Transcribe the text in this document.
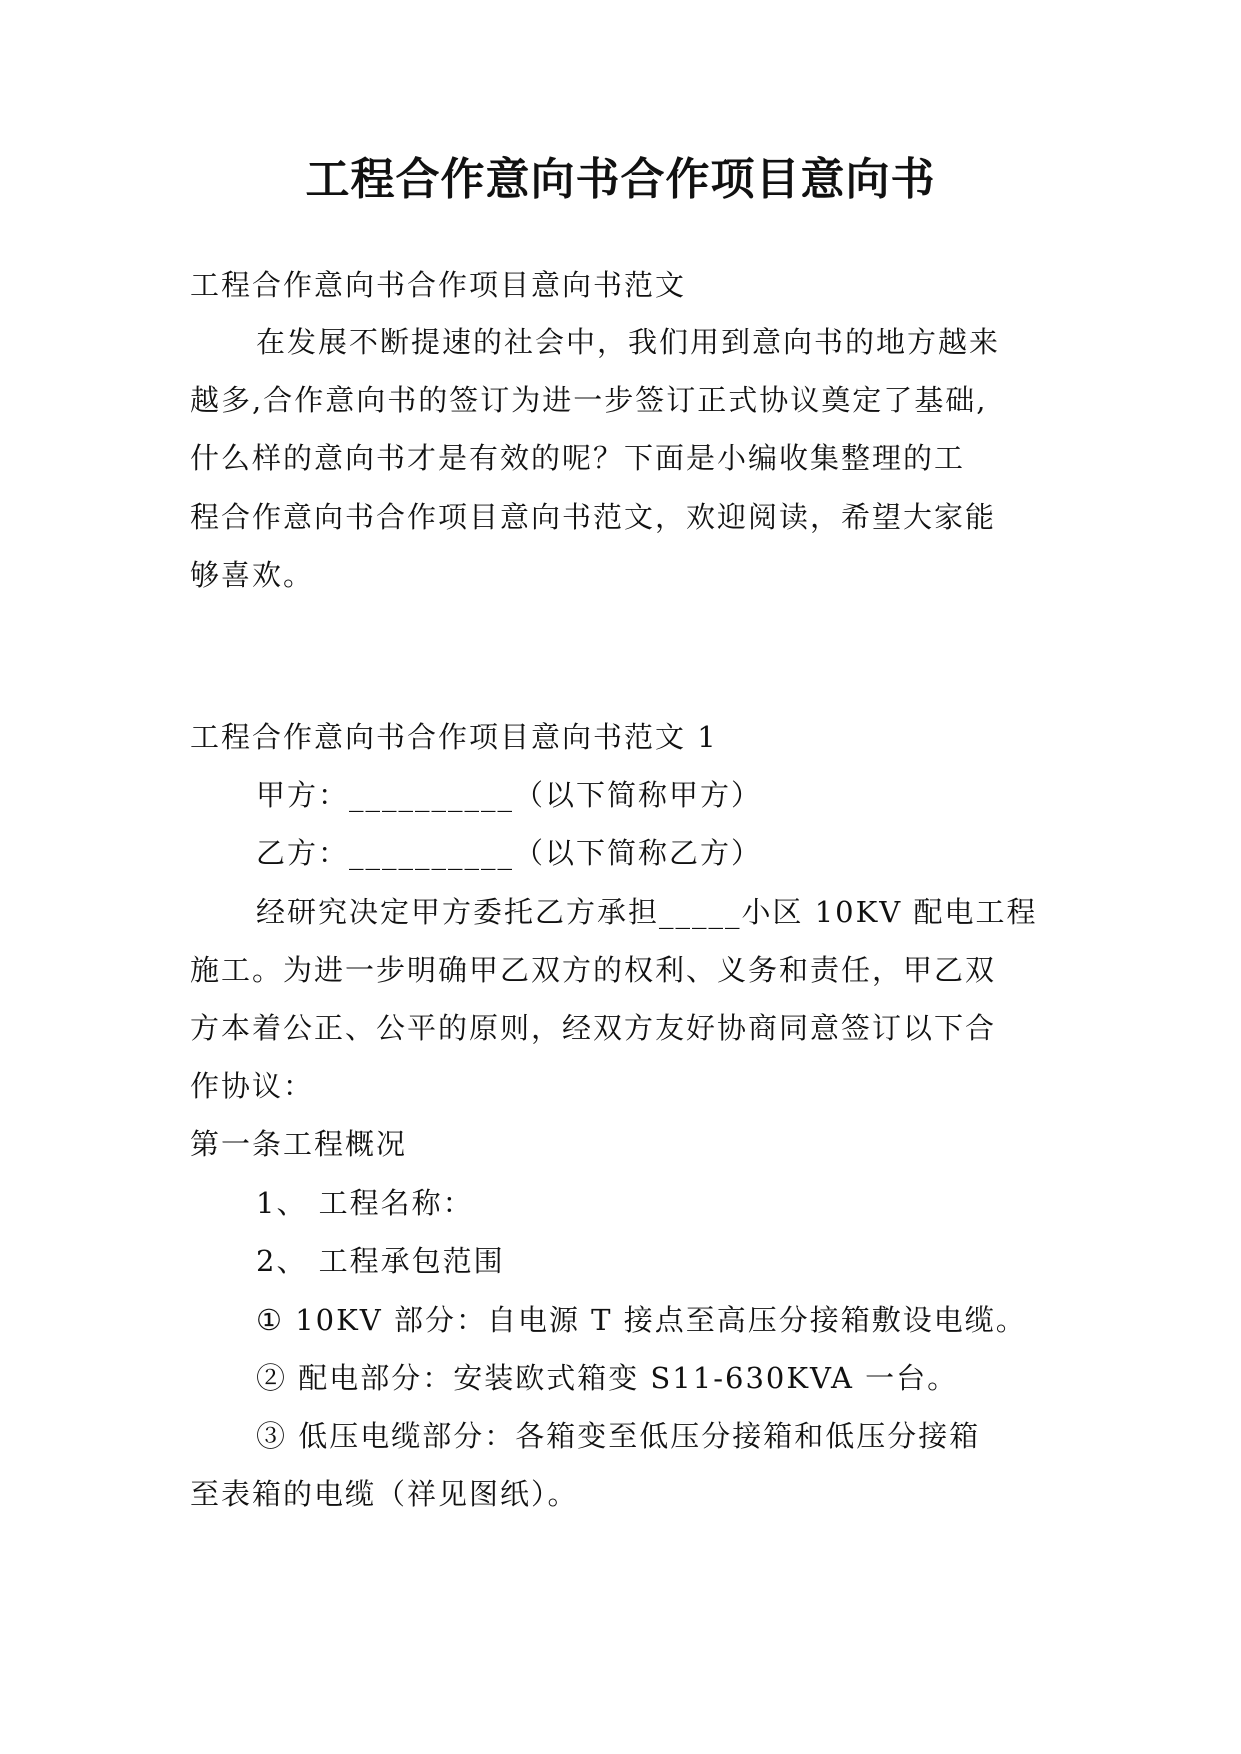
工程合作意向书合作项目意向书
工程合作意向书合作项目意向书范文
在发展不断提速的社会中，我们用到意向书的地方越来
越多,合作意向书的签订为进一步签订正式协议奠定了基础,
什么样的意向书才是有效的呢？下面是小编收集整理的工
程合作意向书合作项目意向书范文，欢迎阅读，希望大家能
够喜欢。
工程合作意向书合作项目意向书范文 1
甲方：__________（以下简称甲方）
乙方：__________（以下简称乙方）
经研究决定甲方委托乙方承担_____小区 10KV 配电工程
施工。为进一步明确甲乙双方的权利、义务和责任，甲乙双
方本着公正、公平的原则，经双方友好协商同意签订以下合
作协议：
第一条工程概况
1、 工程名称：
2、 工程承包范围
① 10KV 部分：自电源 T 接点至高压分接箱敷设电缆。
② 配电部分：安装欧式箱变 S11-630KVA 一台。
③ 低压电缆部分：各箱变至低压分接箱和低压分接箱
至表箱的电缆（祥见图纸）。
